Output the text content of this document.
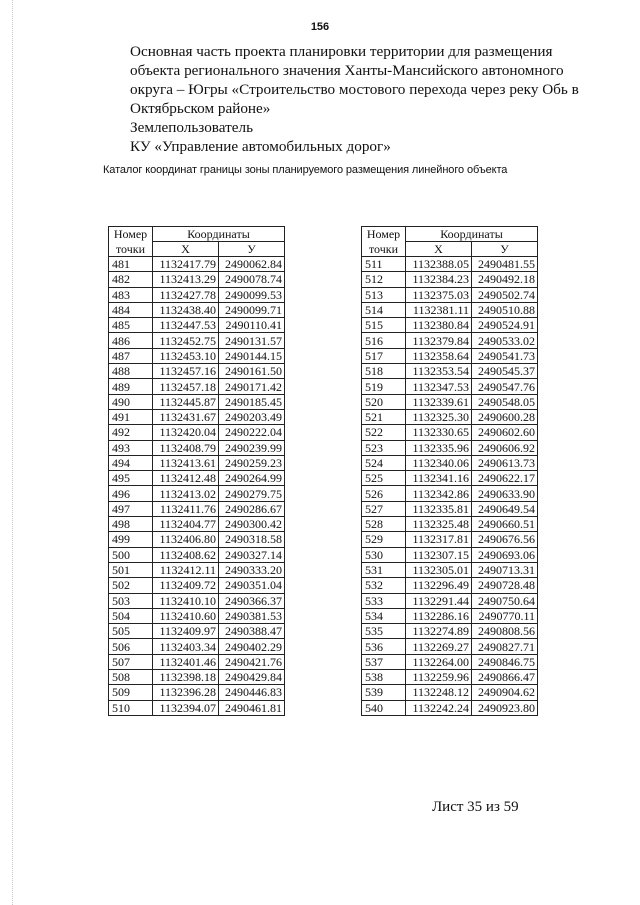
156
Основная часть проекта планировки территории для размещения
объекта регионального значения Ханты-Мансийского автономного
округа – Югры «Строительство мостового перехода через реку Обь в
Октябрьском районе»
Землепользователь
КУ «Управление автомобильных дорог»
Каталог координат границы зоны планируемого размещения линейного объекта
Номер	Координаты	
точки	X	У
481	1132417.79	2490062.84
482	1132413.29	2490078.74
483	1132427.78	2490099.53
484	1132438.40	2490099.71
485	1132447.53	2490110.41
486	1132452.75	2490131.57
487	1132453.10	2490144.15
488	1132457.16	2490161.50
489	1132457.18	2490171.42
490	1132445.87	2490185.45
491	1132431.67	2490203.49
492	1132420.04	2490222.04
493	1132408.79	2490239.99
494	1132413.61	2490259.23
495	1132412.48	2490264.99
496	1132413.02	2490279.75
497	1132411.76	2490286.67
498	1132404.77	2490300.42
499	1132406.80	2490318.58
500	1132408.62	2490327.14
501	1132412.11	2490333.20
502	1132409.72	2490351.04
503	1132410.10	2490366.37
504	1132410.60	2490381.53
505	1132409.97	2490388.47
506	1132403.34	2490402.29
507	1132401.46	2490421.76
508	1132398.18	2490429.84
509	1132396.28	2490446.83
510	1132394.07	2490461.81
Номер	Координаты	
точки	X	У
511	1132388.05	2490481.55
512	1132384.23	2490492.18
513	1132375.03	2490502.74
514	1132381.11	2490510.88
515	1132380.84	2490524.91
516	1132379.84	2490533.02
517	1132358.64	2490541.73
518	1132353.54	2490545.37
519	1132347.53	2490547.76
520	1132339.61	2490548.05
521	1132325.30	2490600.28
522	1132330.65	2490602.60
523	1132335.96	2490606.92
524	1132340.06	2490613.73
525	1132341.16	2490622.17
526	1132342.86	2490633.90
527	1132335.81	2490649.54
528	1132325.48	2490660.51
529	1132317.81	2490676.56
530	1132307.15	2490693.06
531	1132305.01	2490713.31
532	1132296.49	2490728.48
533	1132291.44	2490750.64
534	1132286.16	2490770.11
535	1132274.89	2490808.56
536	1132269.27	2490827.71
537	1132264.00	2490846.75
538	1132259.96	2490866.47
539	1132248.12	2490904.62
540	1132242.24	2490923.80
Лист 35 из 59
